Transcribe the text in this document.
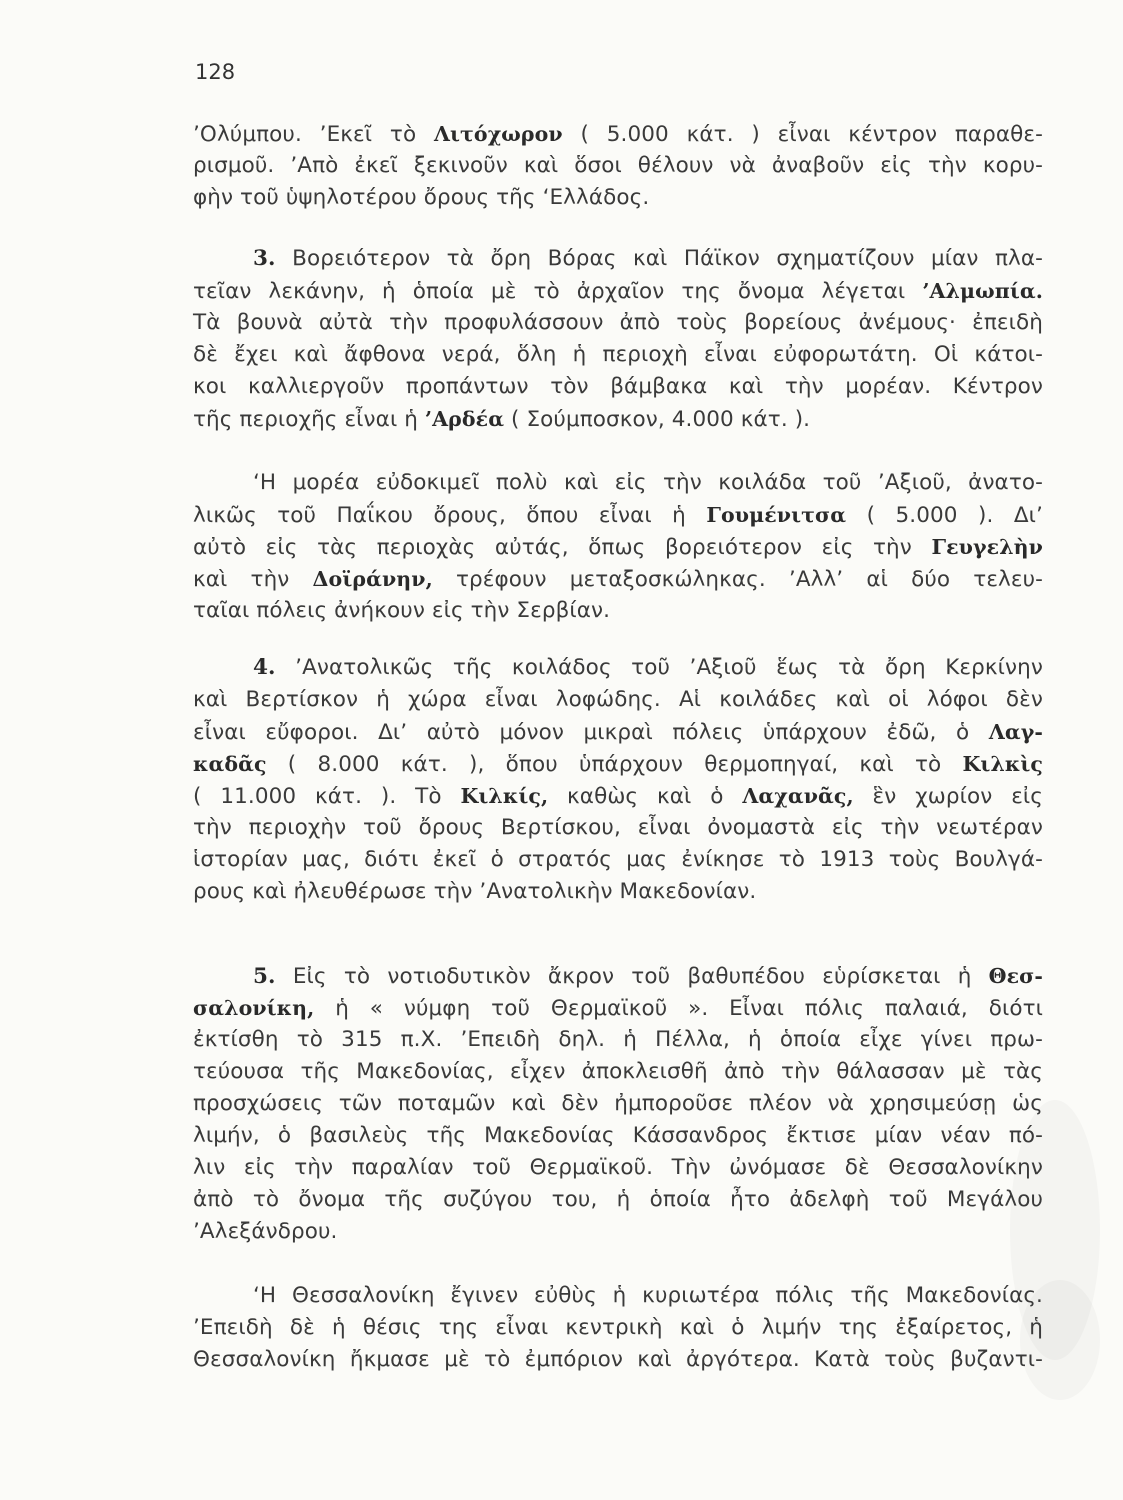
128
’Ολύμπου. ’Εκεῖ τὸ Λιτόχωρον ( 5.000 κάτ. ) εἶναι κέντρον παραθε-
ρισμοῦ. ’Απὸ ἐκεῖ ξεκινοῦν καὶ ὅσοι θέλουν νὰ ἀναβοῦν εἰς τὴν κορυ-
φὴν τοῦ ὑψηλοτέρου ὄρους τῆς ‘Ελλάδος.
3. Βορειότερον τὰ ὄρη Βόρας καὶ Πάϊκον σχηματίζουν μίαν πλα-
τεῖαν λεκάνην, ἡ ὁποία μὲ τὸ ἀρχαῖον της ὄνομα λέγεται ’Αλμωπία.
Τὰ βουνὰ αὐτὰ τὴν προφυλάσσουν ἀπὸ τοὺς βορείους ἀνέμους· ἐπειδὴ
δὲ ἔχει καὶ ἄφθονα νερά, ὅλη ἡ περιοχὴ εἶναι εὐφορωτάτη. Οἱ κάτοι-
κοι καλλιεργοῦν προπάντων τὸν βάμβακα καὶ τὴν μορέαν. Κέντρον
τῆς περιοχῆς εἶναι ἡ ’Αρδέα ( Σούμποσκον, 4.000 κάτ. ).
‘Η μορέα εὐδοκιμεῖ πολὺ καὶ εἰς τὴν κοιλάδα τοῦ ’Αξιοῦ, ἀνατο-
λικῶς τοῦ Παΐκου ὄρους, ὅπου εἶναι ἡ Γουμένιτσα ( 5.000 ). Δι’
αὐτὸ εἰς τὰς περιοχὰς αὐτάς, ὅπως βορειότερον εἰς τὴν Γευγελὴν
καὶ τὴν Δοϊράνην, τρέφουν μεταξοσκώληκας. ’Αλλ’ αἱ δύο τελευ-
ταῖαι πόλεις ἀνήκουν εἰς τὴν Σερβίαν.
4. ’Ανατολικῶς τῆς κοιλάδος τοῦ ’Αξιοῦ ἕως τὰ ὄρη Κερκίνην
καὶ Βερτίσκον ἡ χώρα εἶναι λοφώδης. Αἱ κοιλάδες καὶ οἱ λόφοι δὲν
εἶναι εὔφοροι. Δι’ αὐτὸ μόνον μικραὶ πόλεις ὑπάρχουν ἐδῶ, ὁ Λαγ-
καδᾶς ( 8.000 κάτ. ), ὅπου ὑπάρχουν θερμοπηγαί, καὶ τὸ Κιλκὶς
( 11.000 κάτ. ). Τὸ Κιλκίς, καθὼς καὶ ὁ Λαχανᾶς, ἓν χωρίον εἰς
τὴν περιοχὴν τοῦ ὄρους Βερτίσκου, εἶναι ὀνομαστὰ εἰς τὴν νεωτέραν
ἱστορίαν μας, διότι ἐκεῖ ὁ στρατός μας ἐνίκησε τὸ 1913 τοὺς Βουλγά-
ρους καὶ ἠλευθέρωσε τὴν ’Ανατολικὴν Μακεδονίαν.
5. Εἰς τὸ νοτιοδυτικὸν ἄκρον τοῦ βαθυπέδου εὑρίσκεται ἡ Θεσ-
σαλονίκη, ἡ « νύμφη τοῦ Θερμαϊκοῦ ». Εἶναι πόλις παλαιά, διότι
ἐκτίσθη τὸ 315 π.Χ. ’Επειδὴ δηλ. ἡ Πέλλα, ἡ ὁποία εἶχε γίνει πρω-
τεύουσα τῆς Μακεδονίας, εἶχεν ἀποκλεισθῆ ἀπὸ τὴν θάλασσαν μὲ τὰς
προσχώσεις τῶν ποταμῶν καὶ δὲν ἠμποροῦσε πλέον νὰ χρησιμεύσῃ ὡς
λιμήν, ὁ βασιλεὺς τῆς Μακεδονίας Κάσσανδρος ἔκτισε μίαν νέαν πό-
λιν εἰς τὴν παραλίαν τοῦ Θερμαϊκοῦ. Τὴν ὠνόμασε δὲ Θεσσαλονίκην
ἀπὸ τὸ ὄνομα τῆς συζύγου του, ἡ ὁποία ἦτο ἀδελφὴ τοῦ Μεγάλου
’Αλεξάνδρου.
‘Η Θεσσαλονίκη ἔγινεν εὐθὺς ἡ κυριωτέρα πόλις τῆς Μακεδονίας.
’Επειδὴ δὲ ἡ θέσις της εἶναι κεντρικὴ καὶ ὁ λιμήν της ἐξαίρετος, ἡ
Θεσσαλονίκη ἤκμασε μὲ τὸ ἐμπόριον καὶ ἀργότερα. Κατὰ τοὺς βυζαντι-
